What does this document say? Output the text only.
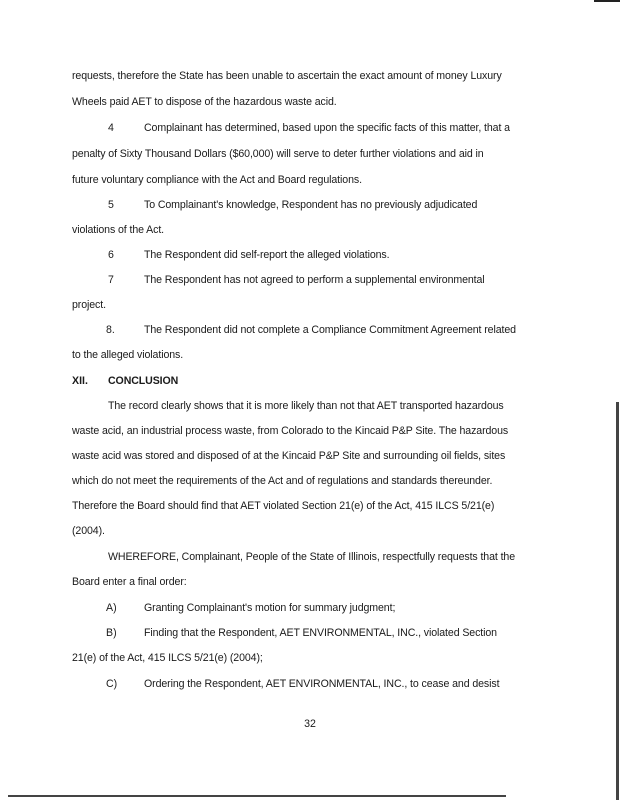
requests, therefore the State has been unable to ascertain the exact amount of money Luxury
Wheels paid AET to dispose of the hazardous waste acid.
4	Complainant has determined, based upon the specific facts of this matter, that a
penalty of Sixty Thousand Dollars ($60,000) will serve to deter further violations and aid in
future voluntary compliance with the Act and Board regulations.
5	To Complainant's knowledge, Respondent has no previously adjudicated
violations of the Act.
6	The Respondent did self-report the alleged violations.
7	The Respondent has not agreed to perform a supplemental environmental
project.
8.	The Respondent did not complete a Compliance Commitment Agreement related
to the alleged violations.
XII. CONCLUSION
The record clearly shows that it is more likely than not that AET transported hazardous
waste acid, an industrial process waste, from Colorado to the Kincaid P&P Site. The hazardous
waste acid was stored and disposed of at the Kincaid P&P Site and surrounding oil fields, sites
which do not meet the requirements of the Act and of regulations and standards thereunder.
Therefore the Board should find that AET violated Section 21(e) of the Act, 415 ILCS 5/21(e)
(2004).
WHEREFORE, Complainant, People of the State of Illinois, respectfully requests that the
Board enter a final order:
A)	Granting Complainant's motion for summary judgment;
B)	Finding that the Respondent, AET ENVIRONMENTAL, INC., violated Section
21(e) of the Act, 415 ILCS 5/21(e) (2004);
C)	Ordering the Respondent, AET ENVIRONMENTAL, INC., to cease and desist
32
